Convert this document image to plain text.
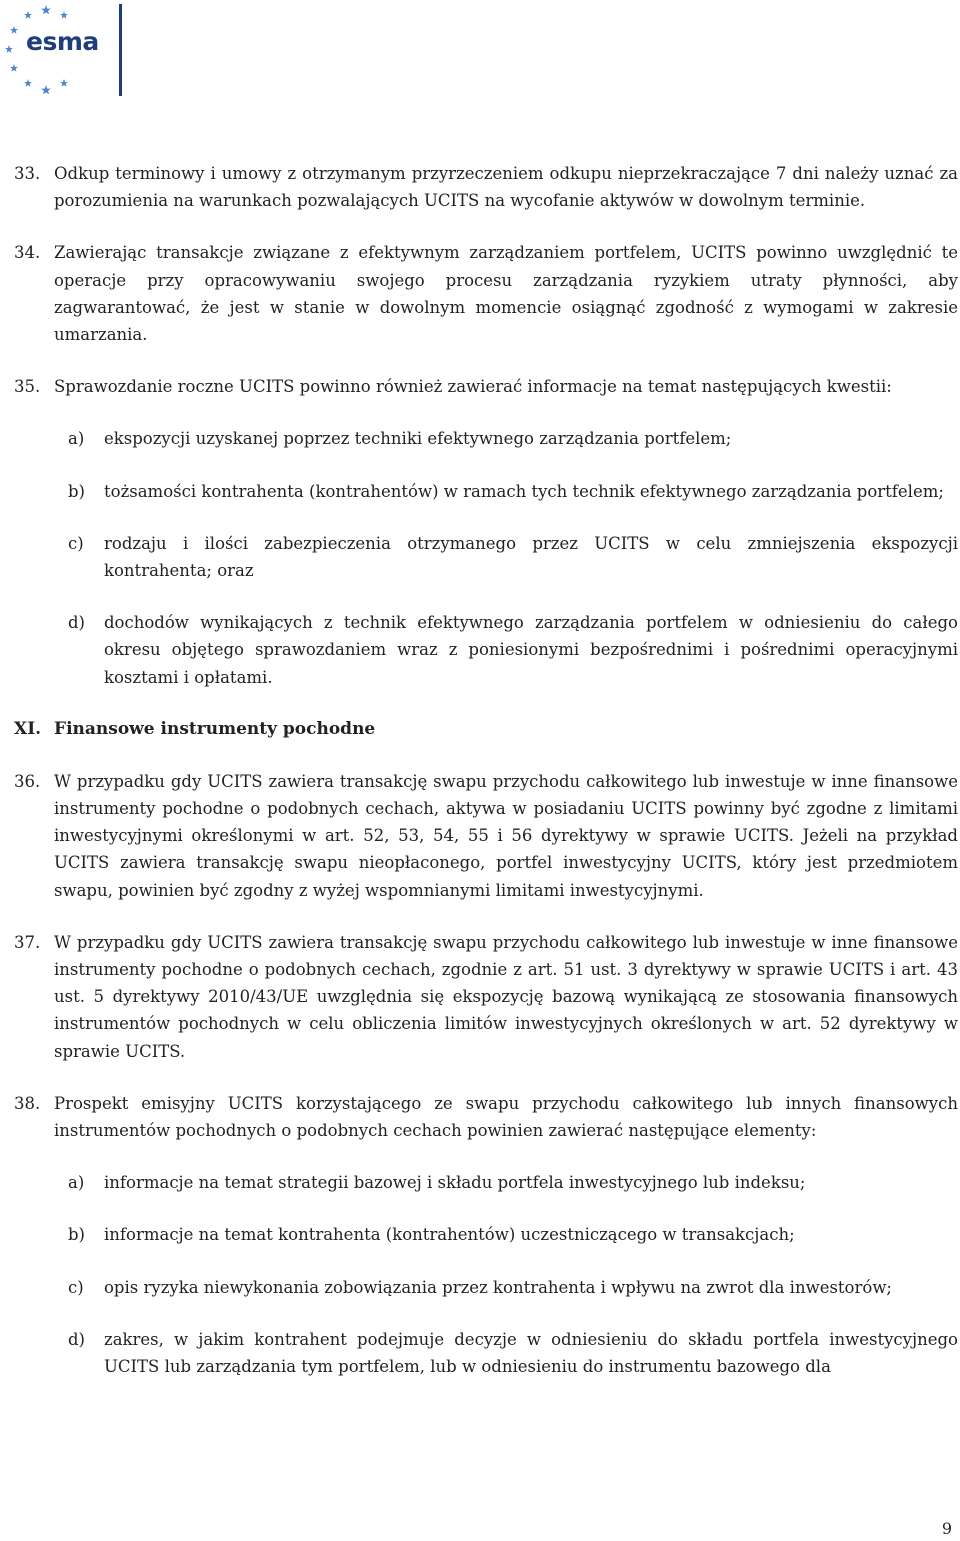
esma
33. Odkup terminowy i umowy z otrzymanym przyrzeczeniem odkupu nieprzekraczające 7 dni należy uznać za porozumienia na warunkach pozwalających UCITS na wycofanie aktywów w dowolnym terminie.

34. Zawierając transakcje związane z efektywnym zarządzaniem portfelem, UCITS powinno uwzględnić te operacje przy opracowywaniu swojego procesu zarządzania ryzykiem utraty płynności, aby zagwarantować, że jest w stanie w dowolnym momencie osiągnąć zgodność z wymogami w zakresie umarzania.

35. Sprawozdanie roczne UCITS powinno również zawierać informacje na temat następujących kwestii:

a) ekspozycji uzyskanej poprzez techniki efektywnego zarządzania portfelem;

b) tożsamości kontrahenta (kontrahentów) w ramach tych technik efektywnego zarządzania portfelem;

c) rodzaju i ilości zabezpieczenia otrzymanego przez UCITS w celu zmniejszenia ekspozycji kontrahenta; oraz

d) dochodów wynikających z technik efektywnego zarządzania portfelem w odniesieniu do całego okresu objętego sprawozdaniem wraz z poniesionymi bezpośrednimi i pośrednimi operacyjnymi kosztami i opłatami.

XI. Finansowe instrumenty pochodne
36. W przypadku gdy UCITS zawiera transakcję swapu przychodu całkowitego lub inwestuje w inne finansowe instrumenty pochodne o podobnych cechach, aktywa w posiadaniu UCITS powinny być zgodne z limitami inwestycyjnymi określonymi w art. 52, 53, 54, 55 i 56 dyrektywy w sprawie UCITS. Jeżeli na przykład UCITS zawiera transakcję swapu nieopłaconego, portfel inwestycyjny UCITS, który jest przedmiotem swapu, powinien być zgodny z wyżej wspomnianymi limitami inwestycyjnymi.

37. W przypadku gdy UCITS zawiera transakcję swapu przychodu całkowitego lub inwestuje w inne finansowe instrumenty pochodne o podobnych cechach, zgodnie z art. 51 ust. 3 dyrektywy w sprawie UCITS i art. 43 ust. 5 dyrektywy 2010/43/UE uwzględnia się ekspozycję bazową wynikającą ze stosowania finansowych instrumentów pochodnych w celu obliczenia limitów inwestycyjnych określonych w art. 52 dyrektywy w sprawie UCITS.

38. Prospekt emisyjny UCITS korzystającego ze swapu przychodu całkowitego lub innych finansowych instrumentów pochodnych o podobnych cechach powinien zawierać następujące elementy:

a) informacje na temat strategii bazowej i składu portfela inwestycyjnego lub indeksu;

b) informacje na temat kontrahenta (kontrahentów) uczestniczącego w transakcjach;

c) opis ryzyka niewykonania zobowiązania przez kontrahenta i wpływu na zwrot dla inwestorów;

d) zakres, w jakim kontrahent podejmuje decyzje w odniesieniu do składu portfela inwestycyjnego UCITS lub zarządzania tym portfelem, lub w odniesieniu do instrumentu bazowego dla

9
